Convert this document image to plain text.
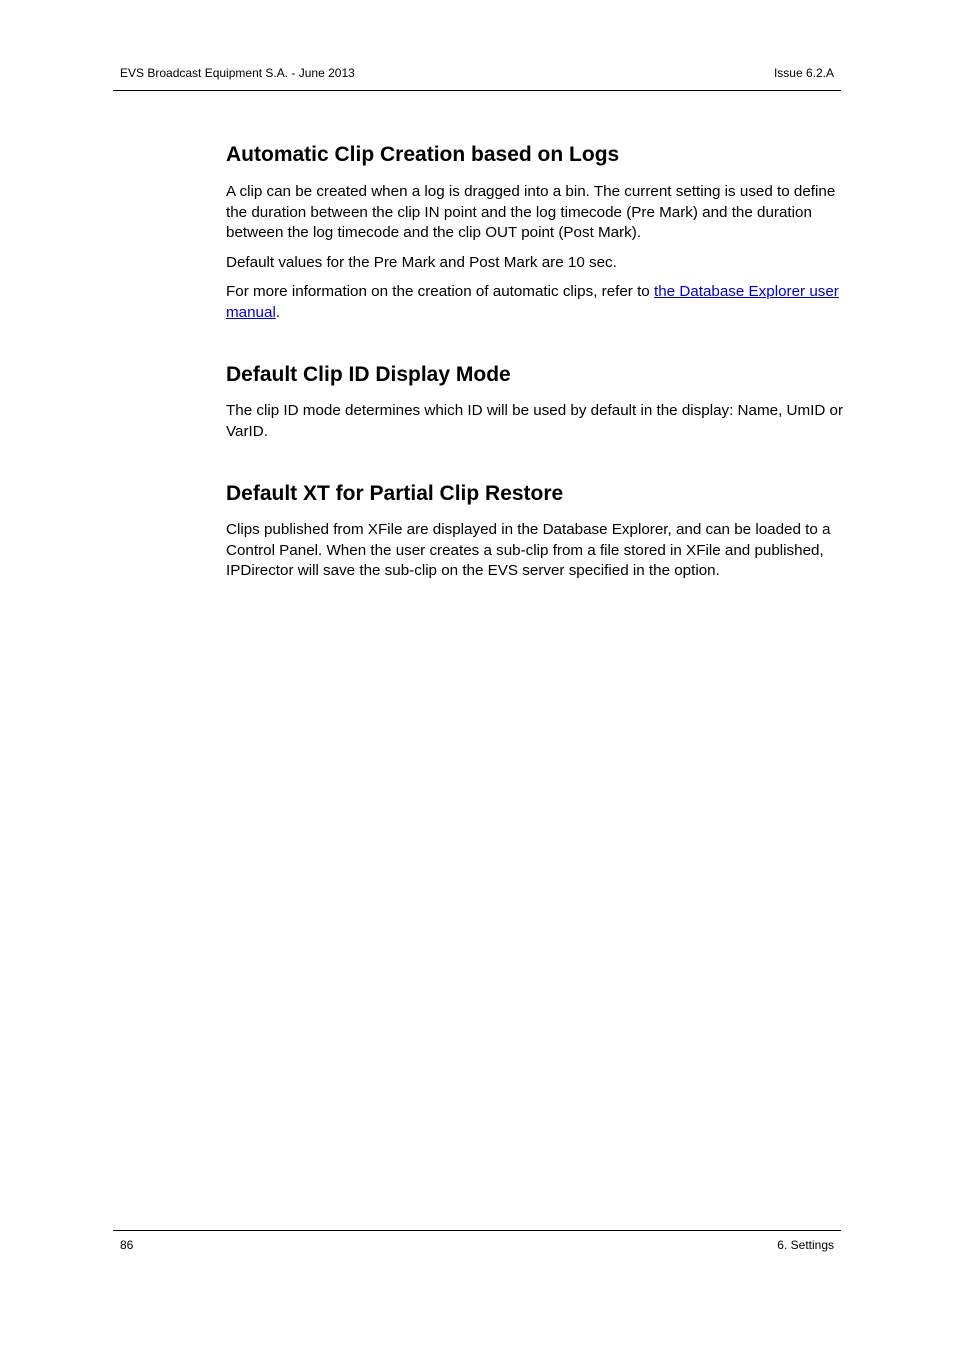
EVS Broadcast Equipment S.A. - June 2013	Issue 6.2.A
Automatic Clip Creation based on Logs

A clip can be created when a log is dragged into a bin. The current setting is used to define the duration between the clip IN point and the log timecode (Pre Mark) and the duration between the log timecode and the clip OUT point (Post Mark).

Default values for the Pre Mark and Post Mark are 10 sec.

For more information on the creation of automatic clips, refer to the Database Explorer user manual.

Default Clip ID Display Mode

The clip ID mode determines which ID will be used by default in the display: Name, UmID or VarID.

Default XT for Partial Clip Restore

Clips published from XFile are displayed in the Database Explorer, and can be loaded to a Control Panel. When the user creates a sub-clip from a file stored in XFile and published, IPDirector will save the sub-clip on the EVS server specified in the option.

86	6. Settings
